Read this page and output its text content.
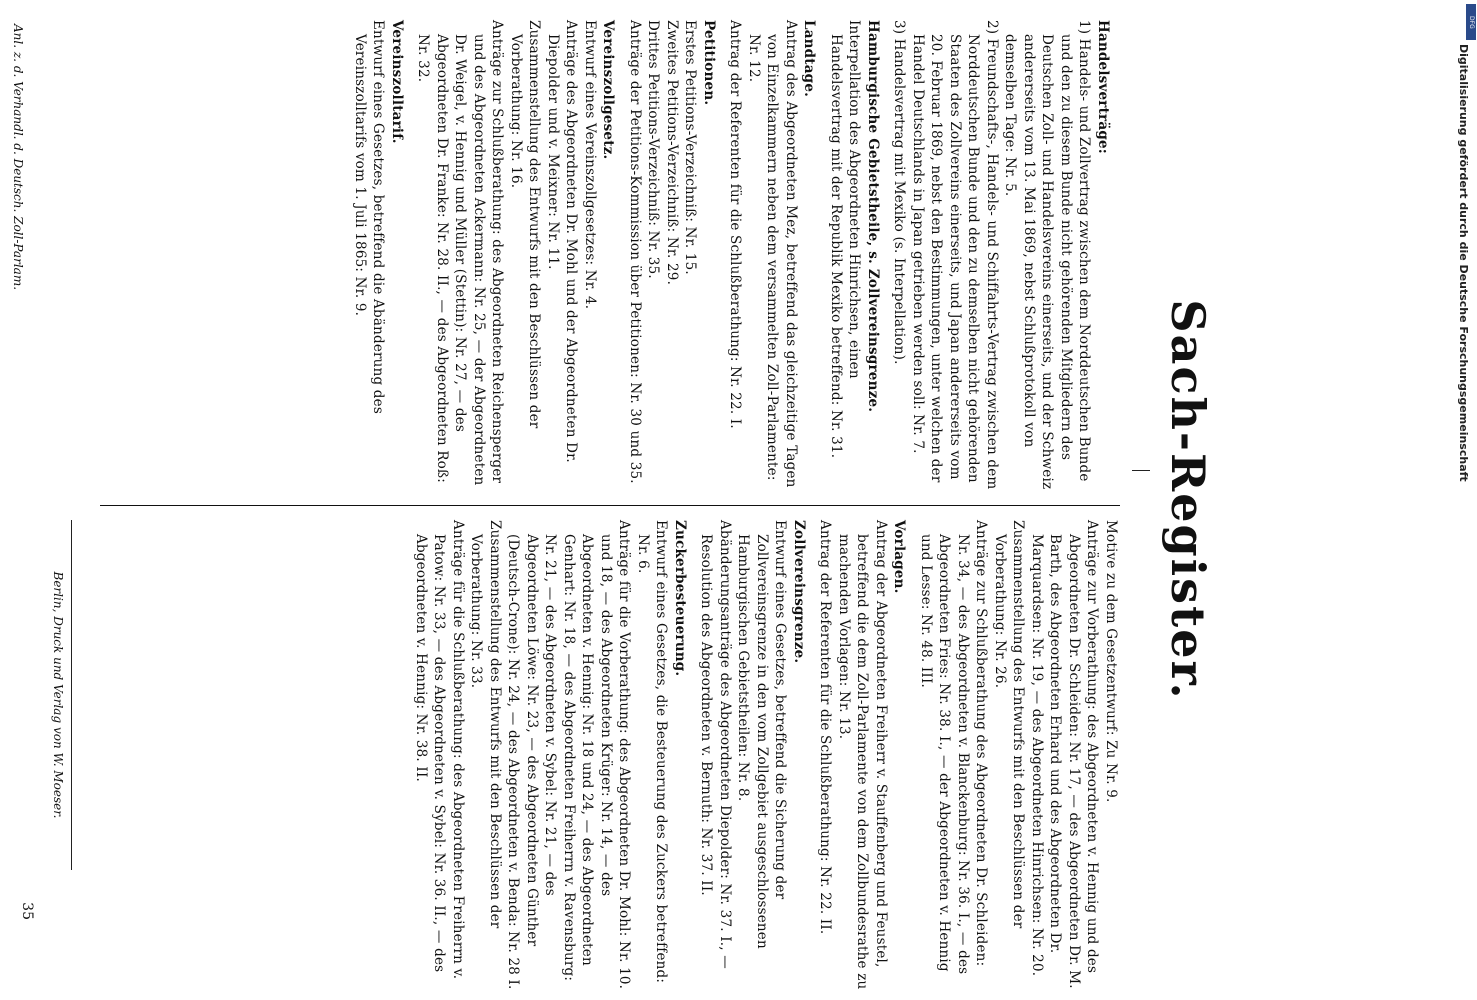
Sach-Register.
Handelsverträge:
1) Handels- und Zollvertrag zwischen dem Norddeutschen Bunde und den zu diesem Bunde nicht gehörenden Mitgliedern des Deutschen Zoll- und Handelsvereins einerseits, und der Schweiz andererseits vom 13. Mai 1869, nebst Schlußprotokoll von demselben Tage: Nr. 5.
2) Freundschafts-, Handels- und Schiffahrts-Vertrag zwischen dem Norddeutschen Bunde und den zu demselben nicht gehörenden Staaten des Zollvereins einerseits, und Japan andererseits vom 20. Februar 1869, nebst den Bestimmungen, unter welchen der Handel Deutschlands in Japan getrieben werden soll: Nr. 7.
3) Handelsvertrag mit Mexiko (s. Interpellation).
Hamburgische Gebietstheile, s. Zollvereinsgrenze.
Interpellation des Abgeordneten Hinrichsen, einen Handelsvertrag mit der Republik Mexiko betreffend: Nr. 31.
Landtage.
Antrag des Abgeordneten Mez, betreffend das gleichzeitige Tagen von Einzelkammern neben dem versammelten Zoll-Parlamente: Nr. 12.
Antrag der Referenten für die Schlußberathung: Nr. 22. I.
Petitionen.
Erstes Petitions-Verzeichniß: Nr. 15.
Zweites Petitions-Verzeichniß: Nr. 29.
Drittes Petitions-Verzeichniß: Nr. 35.
Anträge der Petitions-Kommission über Petitionen: Nr. 30 und 35.
Vereinszollgesetz.
Entwurf eines Vereinszollgesetzes: Nr. 4.
Anträge des Abgeordneten Dr. Mohl und der Abgeordneten Dr. Diepolder und v. Meixner: Nr. 11.
Zusammenstellung des Entwurfs mit den Beschlüssen der Vorberathung: Nr. 16.
Anträge zur Schlußberathung: des Abgeordneten Reichensperger und des Abgeordneten Ackermann: Nr. 25, — der Abgeordneten Dr. Weigel, v. Hennig und Müller (Stettin): Nr. 27, — des Abgeordneten Dr. Franke: Nr. 28. II., — des Abgeordneten Roß: Nr. 32.
Vereinszolltarif.
Entwurf eines Gesetzes, betreffend die Abänderung des Vereinszolltarifs vom 1. Juli 1865: Nr. 9.
Motive zu dem Gesetzentwurf: Zu Nr. 9.
Anträge zur Vorberathung: des Abgeordneten v. Hennig und des Abgeordneten Dr. Schleiden: Nr. 17, — des Abgeordneten Dr. M. Barth, des Abgeordneten Erhard und des Abgeordneten Dr. Marquardsen: Nr. 19, — des Abgeordneten Hinrichsen: Nr. 20.
Zusammenstellung des Entwurfs mit den Beschlüssen der Vorberathung: Nr. 26.
Anträge zur Schlußberathung des Abgeordneten Dr. Schleiden: Nr. 34, — des Abgeordneten v. Blanckenburg: Nr. 36. I., — des Abgeordneten Fries: Nr. 38. I., — der Abgeordneten v. Hennig und Lesse: Nr. 48. III.
Vorlagen.
Antrag der Abgeordneten Freiherr v. Stauffenberg und Feustel, betreffend die dem Zoll-Parlamente von dem Zollbundesrathe zu machenden Vorlagen: Nr. 13.
Antrag der Referenten für die Schlußberathung: Nr. 22. II.
Zollvereinsgrenze.
Entwurf eines Gesetzes, betreffend die Sicherung der Zollvereinsgrenze in den vom Zollgebiet ausgeschlossenen Hamburgischen Gebietstheilen: Nr. 8.
Abänderungsanträge des Abgeordneten Diepolder: Nr. 37. I., — Resolution des Abgeordneten v. Bernuth: Nr. 37. II.
Zuckerbesteuerung.
Entwurf eines Gesetzes, die Besteuerung des Zuckers betreffend: Nr. 6.
Anträge für die Vorberathung: des Abgeordneten Dr. Mohl: Nr. 10. und 18, — des Abgeordneten Krüger: Nr. 14, — des Abgeordneten v. Hennig: Nr. 18 und 24, — des Abgeordneten Genhart: Nr. 18, — des Abgeordneten Freiherrn v. Ravensburg: Nr. 21, — des Abgeordneten v. Sybel: Nr. 21, — des Abgeordneten Löwe: Nr. 23, — des Abgeordneten Günther (Deutsch-Crone): Nr. 24, — des Abgeordneten v. Benda: Nr. 28 I.
Zusammenstellung des Entwurfs mit den Beschlüssen der Vorberathung: Nr. 33.
Anträge für die Schlußberathung: des Abgeordneten Freiherrn v. Patow: Nr. 33, — des Abgeordneten v. Sybel: Nr. 36. II., — des Abgeordneten v. Hennig: Nr. 38. II.
Anl. z. d. Verhandl. d. Deutsch. Zoll-Parlam.
Berlin, Druck und Verlag von W. Moeser.
35
Digitalisierung gefördert durch die Deutsche Forschungsgemeinschaft
DFG
